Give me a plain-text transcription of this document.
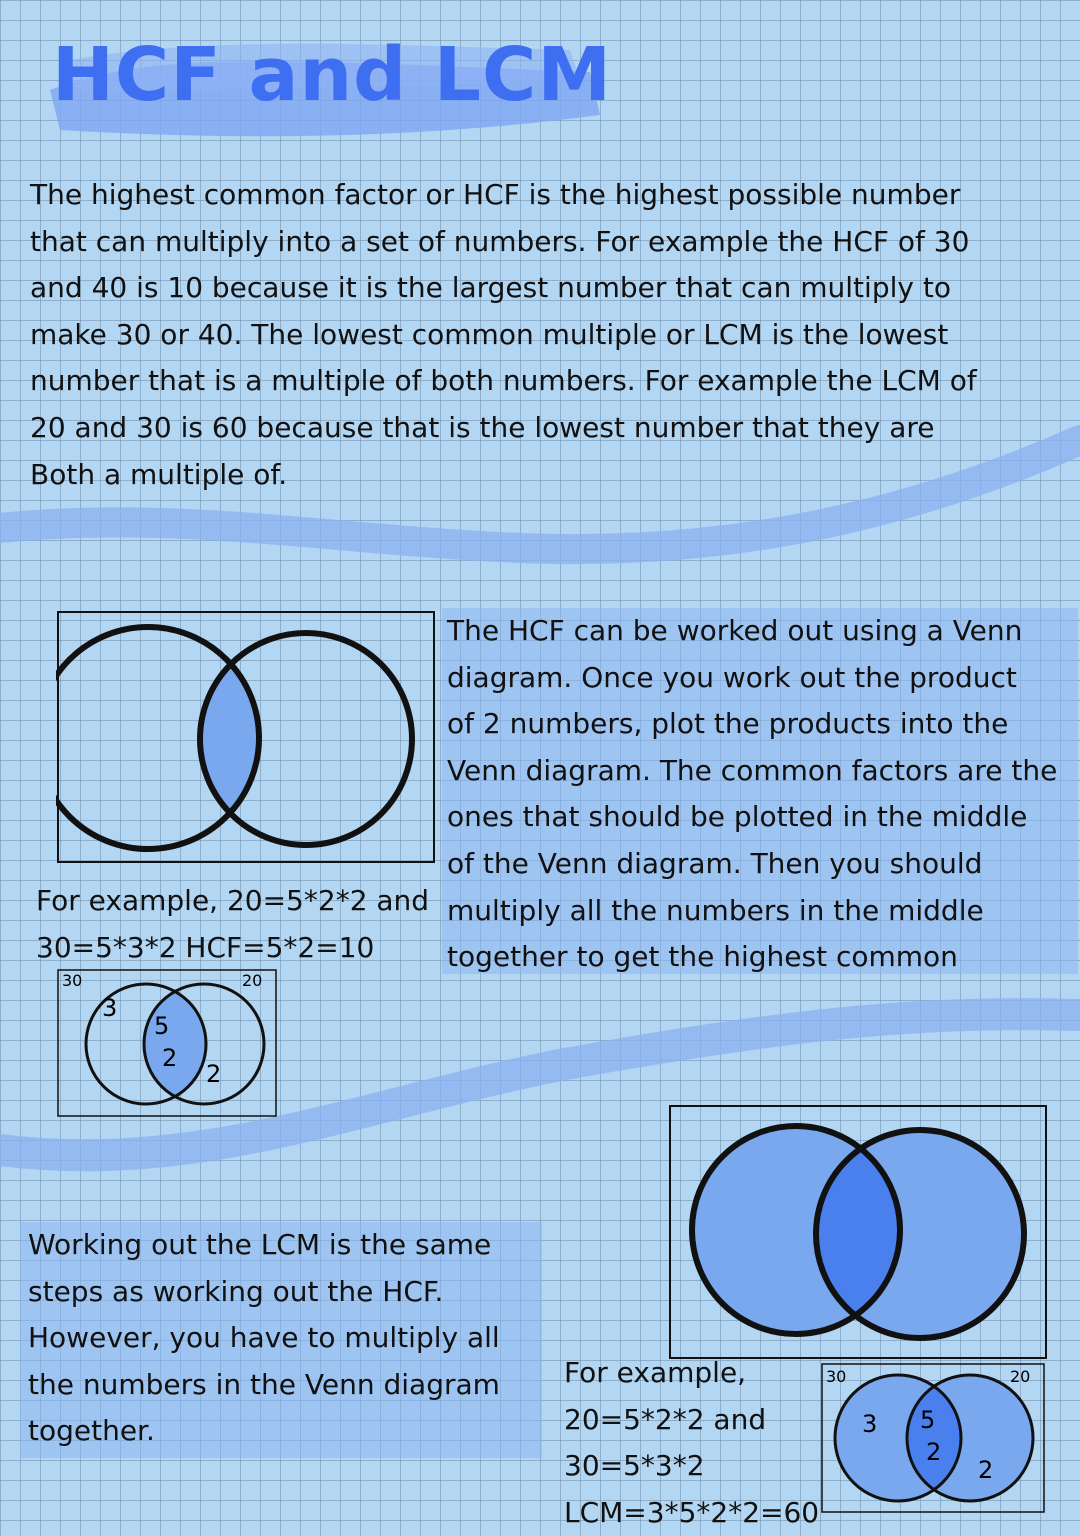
HCF and LCM
The highest common factor or HCF is the highest possible number
that can multiply into a set of numbers. For example the HCF of 30
and 40 is 10 because it is the largest number that can multiply to
make 30 or 40. The lowest common multiple or LCM is the lowest
number that is a multiple of both numbers. For example the LCM of
20 and 30 is 60 because that is the lowest number that they are
Both a multiple of.
The HCF can be worked out using a Venn
diagram. Once you work out the product
of 2 numbers, plot the products into the
Venn diagram. The common factors are the
ones that should be plotted in the middle
of the Venn diagram. Then you should
multiply all the numbers in the middle
together to get the highest common
For example, 20=5*2*2 and
30=5*3*2 HCF=5*2=10
30	20
3
5
2
2
Working out the LCM is the same
steps as working out the HCF.
However, you have to multiply all
the numbers in the Venn diagram
together.
For example,
20=5*2*2 and
30=5*3*2
LCM=3*5*2*2=60
30	20
3 5
2
2
